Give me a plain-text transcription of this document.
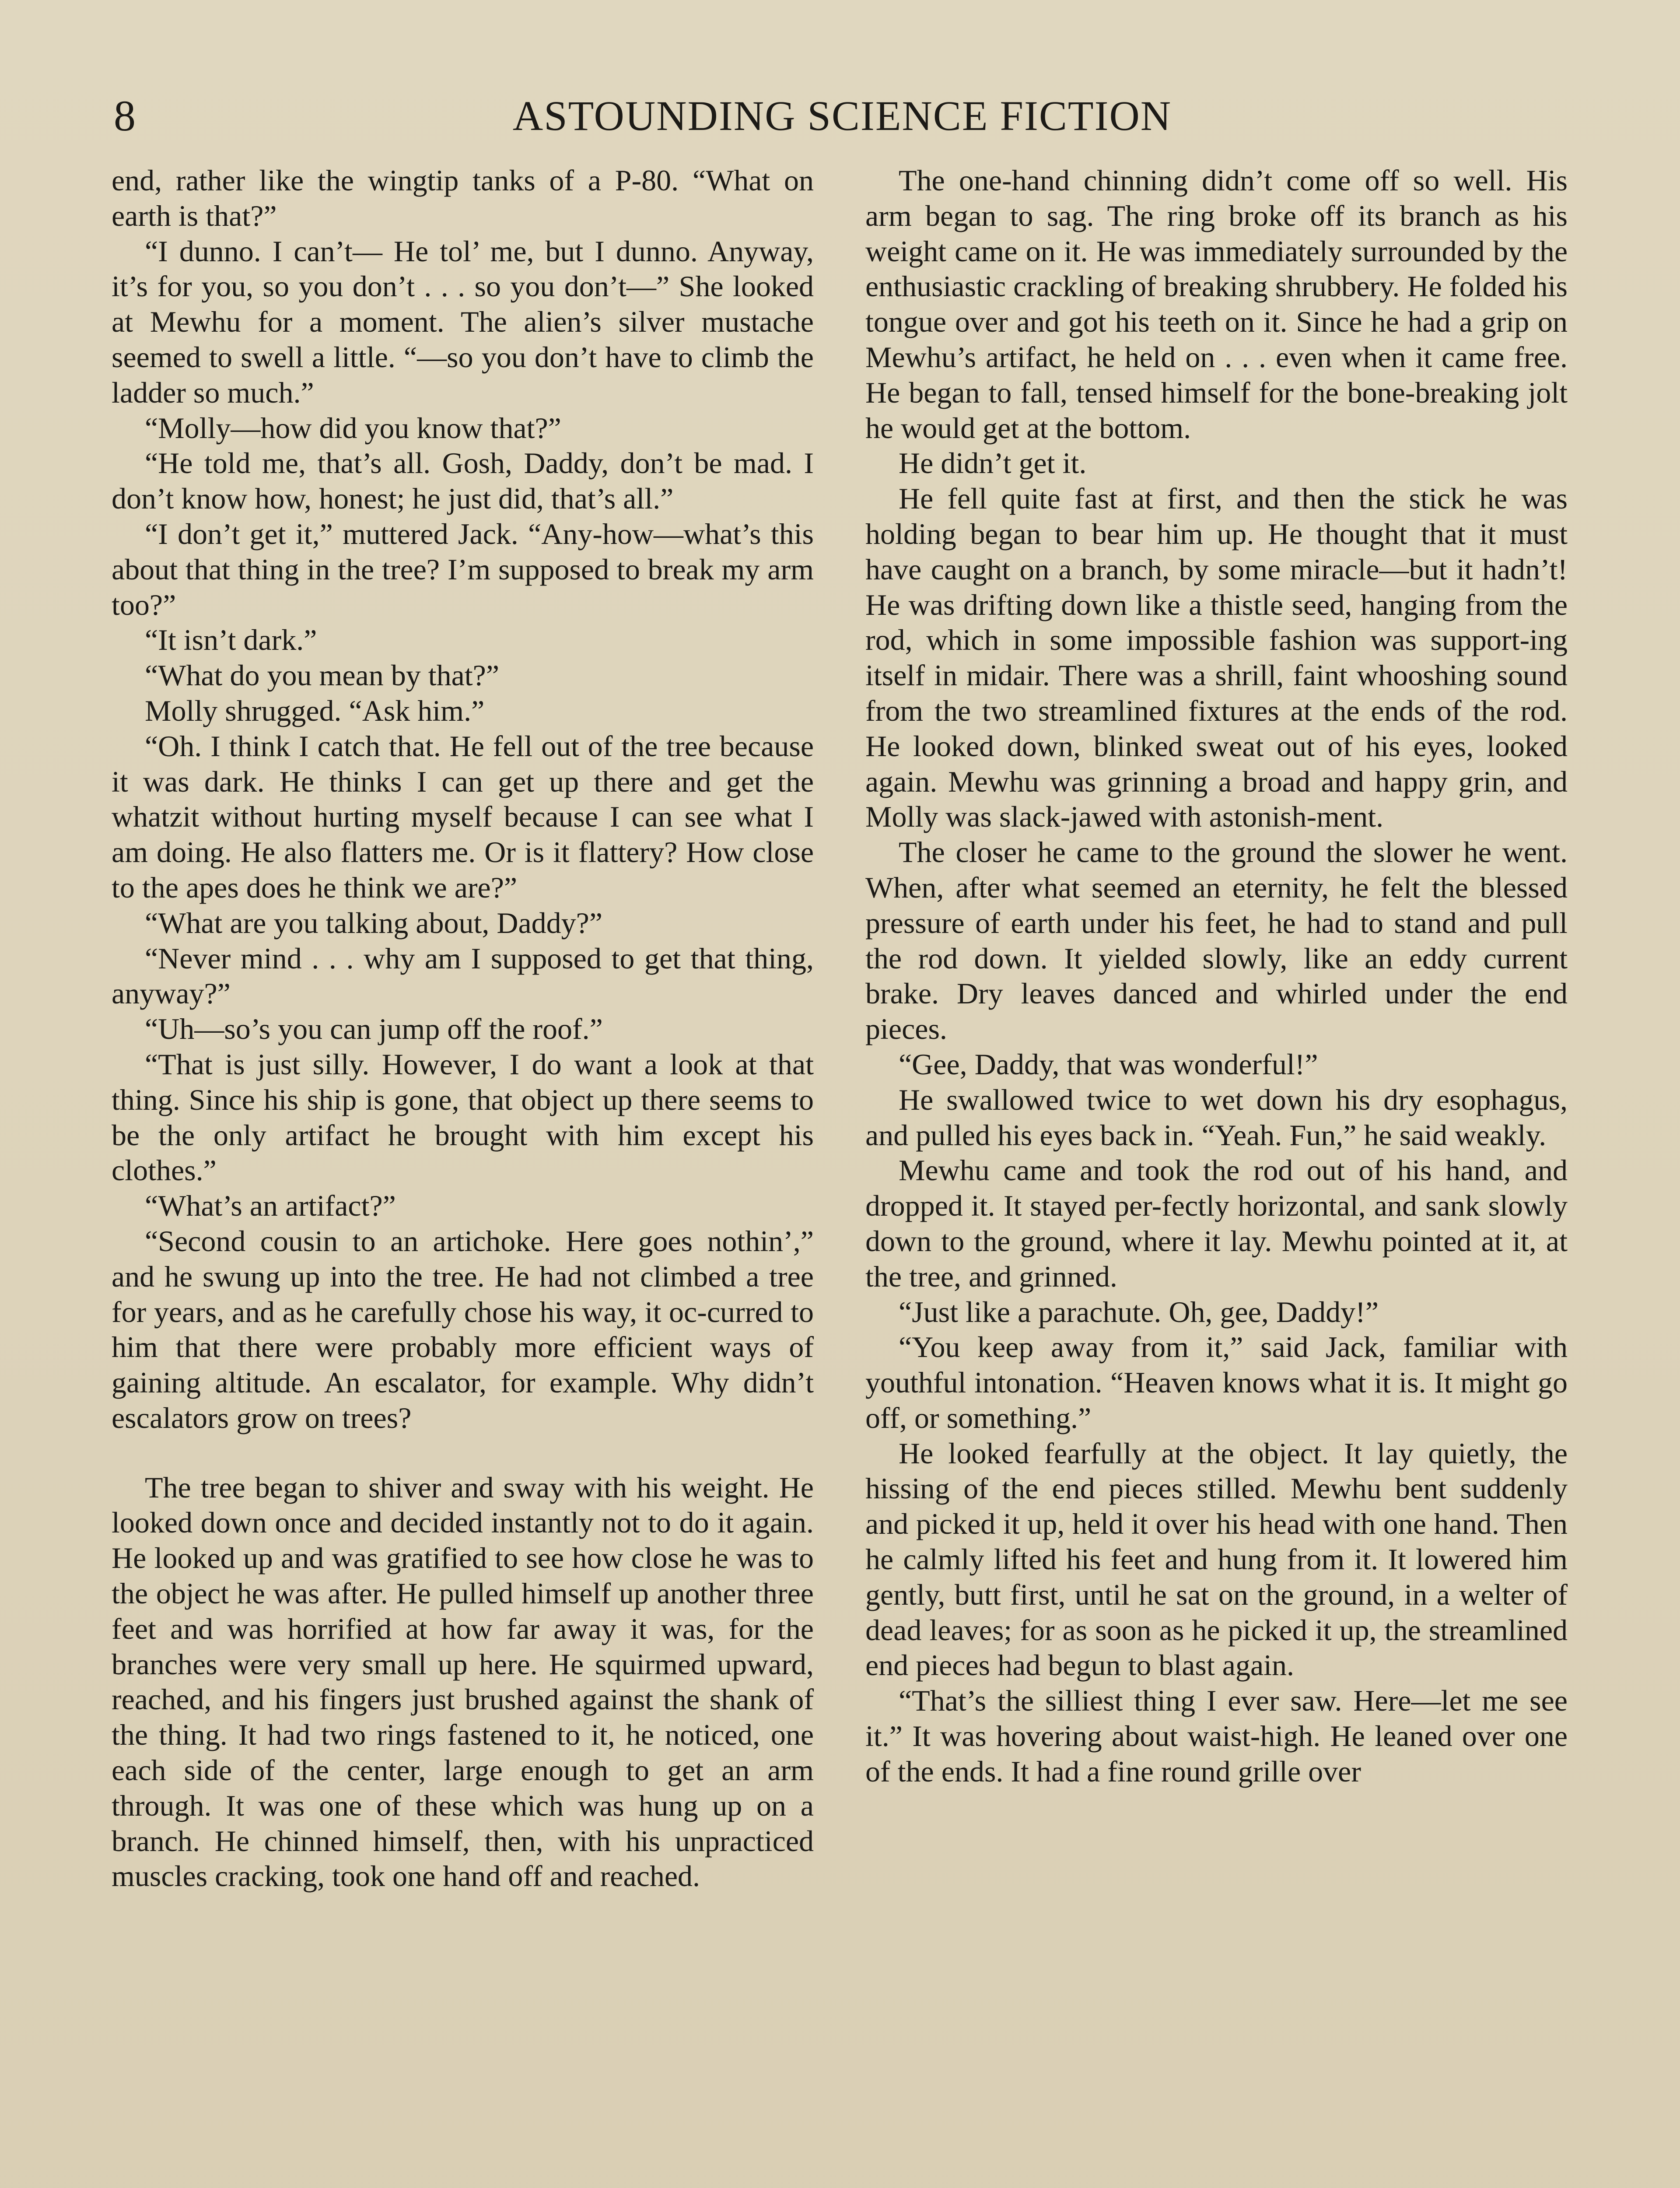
8	ASTOUNDING SCIENCE FICTION

end, rather like the wingtip tanks of a P-80. “What on earth is that?”

“I dunno. I can’t— He tol’ me, but I dunno. Anyway, it’s for you, so you don’t . . . so you don’t—” She looked at Mewhu for a moment. The alien’s silver mustache seemed to swell a little. “—so you don’t have to climb the ladder so much.”

“Molly—how did you know that?”

“He told me, that’s all. Gosh, Daddy, don’t be mad. I don’t know how, honest; he just did, that’s all.”

“I don’t get it,” muttered Jack. “Any-how—what’s this about that thing in the tree? I’m supposed to break my arm too?”

“It isn’t dark.”

“What do you mean by that?”

Molly shrugged. “Ask him.”

“Oh. I think I catch that. He fell out of the tree because it was dark. He thinks I can get up there and get the whatzit without hurting myself because I can see what I am doing. He also flatters me. Or is it flattery? How close to the apes does he think we are?”

“What are you talking about, Daddy?”

“Never mind . . . why am I supposed to get that thing, anyway?”

“Uh—so’s you can jump off the roof.”

“That is just silly. However, I do want a look at that thing. Since his ship is gone, that object up there seems to be the only artifact he brought with him except his clothes.”

“What’s an artifact?”

“Second cousin to an artichoke. Here goes nothin’,” and he swung up into the tree. He had not climbed a tree for years, and as he carefully chose his way, it oc-curred to him that there were probably more efficient ways of gaining altitude. An escalator, for example. Why didn’t escalators grow on trees?

The tree began to shiver and sway with his weight. He looked down once and decided instantly not to do it again. He looked up and was gratified to see how close he was to the object he was after. He pulled himself up another three feet and was horrified at how far away it was, for the branches were very small up here. He squirmed upward, reached, and his fingers just brushed against the shank of the thing. It had two rings fastened to it, he noticed, one each side of the center, large enough to get an arm through. It was one of these which was hung up on a branch. He chinned himself, then, with his unpracticed muscles cracking, took one hand off and reached.

The one-hand chinning didn’t come off so well. His arm began to sag. The ring broke off its branch as his weight came on it. He was immediately surrounded by the enthusiastic crackling of breaking shrubbery. He folded his tongue over and got his teeth on it. Since he had a grip on Mewhu’s artifact, he held on . . . even when it came free. He began to fall, tensed himself for the bone-breaking jolt he would get at the bottom.

He didn’t get it.

He fell quite fast at first, and then the stick he was holding began to bear him up. He thought that it must have caught on a branch, by some miracle—but it hadn’t! He was drifting down like a thistle seed, hanging from the rod, which in some impossible fashion was support-ing itself in midair. There was a shrill, faint whooshing sound from the two streamlined fixtures at the ends of the rod. He looked down, blinked sweat out of his eyes, looked again. Mewhu was grinning a broad and happy grin, and Molly was slack-jawed with astonish-ment.

The closer he came to the ground the slower he went. When, after what seemed an eternity, he felt the blessed pressure of earth under his feet, he had to stand and pull the rod down. It yielded slowly, like an eddy current brake. Dry leaves danced and whirled under the end pieces.

“Gee, Daddy, that was wonderful!”

He swallowed twice to wet down his dry esophagus, and pulled his eyes back in. “Yeah. Fun,” he said weakly.

Mewhu came and took the rod out of his hand, and dropped it. It stayed per-fectly horizontal, and sank slowly down to the ground, where it lay. Mewhu pointed at it, at the tree, and grinned.

“Just like a parachute. Oh, gee, Daddy!”

“You keep away from it,” said Jack, familiar with youthful intonation. “Heaven knows what it is. It might go off, or something.”

He looked fearfully at the object. It lay quietly, the hissing of the end pieces stilled. Mewhu bent suddenly and picked it up, held it over his head with one hand. Then he calmly lifted his feet and hung from it. It lowered him gently, butt first, until he sat on the ground, in a welter of dead leaves; for as soon as he picked it up, the streamlined end pieces had begun to blast again.

“That’s the silliest thing I ever saw. Here—let me see it.” It was hovering about waist-high. He leaned over one of the ends. It had a fine round grille over
